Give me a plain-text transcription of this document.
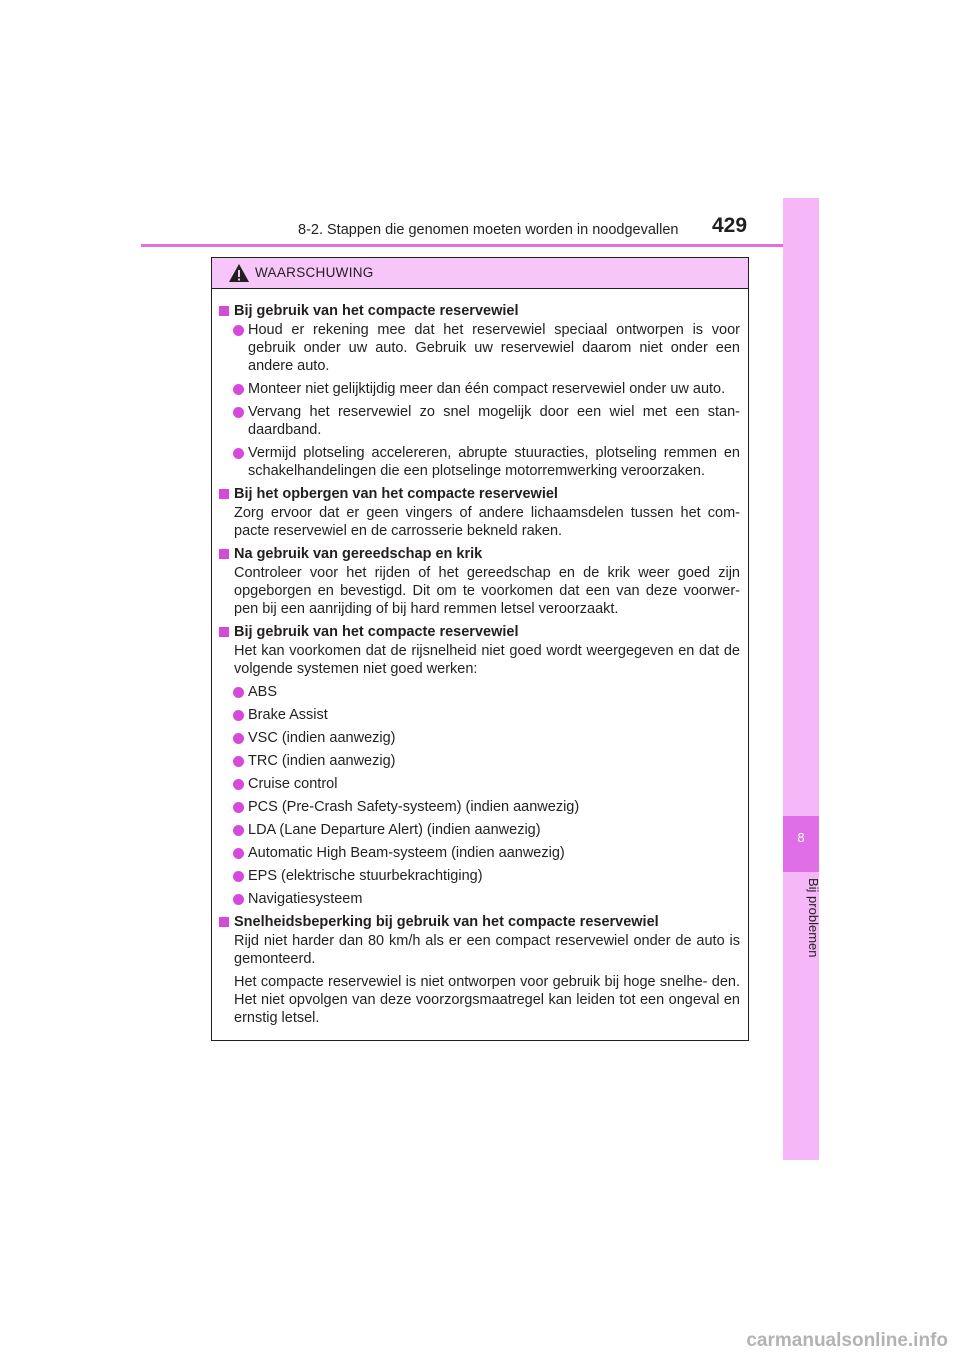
8-2. Stappen die genomen moeten worden in noodgevallen 429
8
Bij problemen
WAARSCHUWING
Bij gebruik van het compacte reservewiel
Houd er rekening mee dat het reservewiel speciaal ontworpen is voor gebruik onder uw auto. Gebruik uw reservewiel daarom niet onder een andere auto.
Monteer niet gelijktijdig meer dan één compact reservewiel onder uw auto.
Vervang het reservewiel zo snel mogelijk door een wiel met een stan- daardband.
Vermijd plotseling accelereren, abrupte stuuracties, plotseling remmen en schakelhandelingen die een plotselinge motorremwerking veroorzaken.
Bij het opbergen van het compacte reservewiel
Zorg ervoor dat er geen vingers of andere lichaamsdelen tussen het com- pacte reservewiel en de carrosserie bekneld raken.
Na gebruik van gereedschap en krik
Controleer voor het rijden of het gereedschap en de krik weer goed zijn opgeborgen en bevestigd. Dit om te voorkomen dat een van deze voorwer- pen bij een aanrijding of bij hard remmen letsel veroorzaakt.
Bij gebruik van het compacte reservewiel
Het kan voorkomen dat de rijsnelheid niet goed wordt weergegeven en dat de volgende systemen niet goed werken:
ABS
Brake Assist
VSC (indien aanwezig)
TRC (indien aanwezig)
Cruise control
PCS (Pre-Crash Safety-systeem) (indien aanwezig)
LDA (Lane Departure Alert) (indien aanwezig)
Automatic High Beam-systeem (indien aanwezig)
EPS (elektrische stuurbekrachtiging)
Navigatiesysteem
Snelheidsbeperking bij gebruik van het compacte reservewiel
Rijd niet harder dan 80 km/h als er een compact reservewiel onder de auto is gemonteerd.
Het compacte reservewiel is niet ontworpen voor gebruik bij hoge snelhe- den. Het niet opvolgen van deze voorzorgsmaatregel kan leiden tot een ongeval en ernstig letsel.
carmanualsonline.info
